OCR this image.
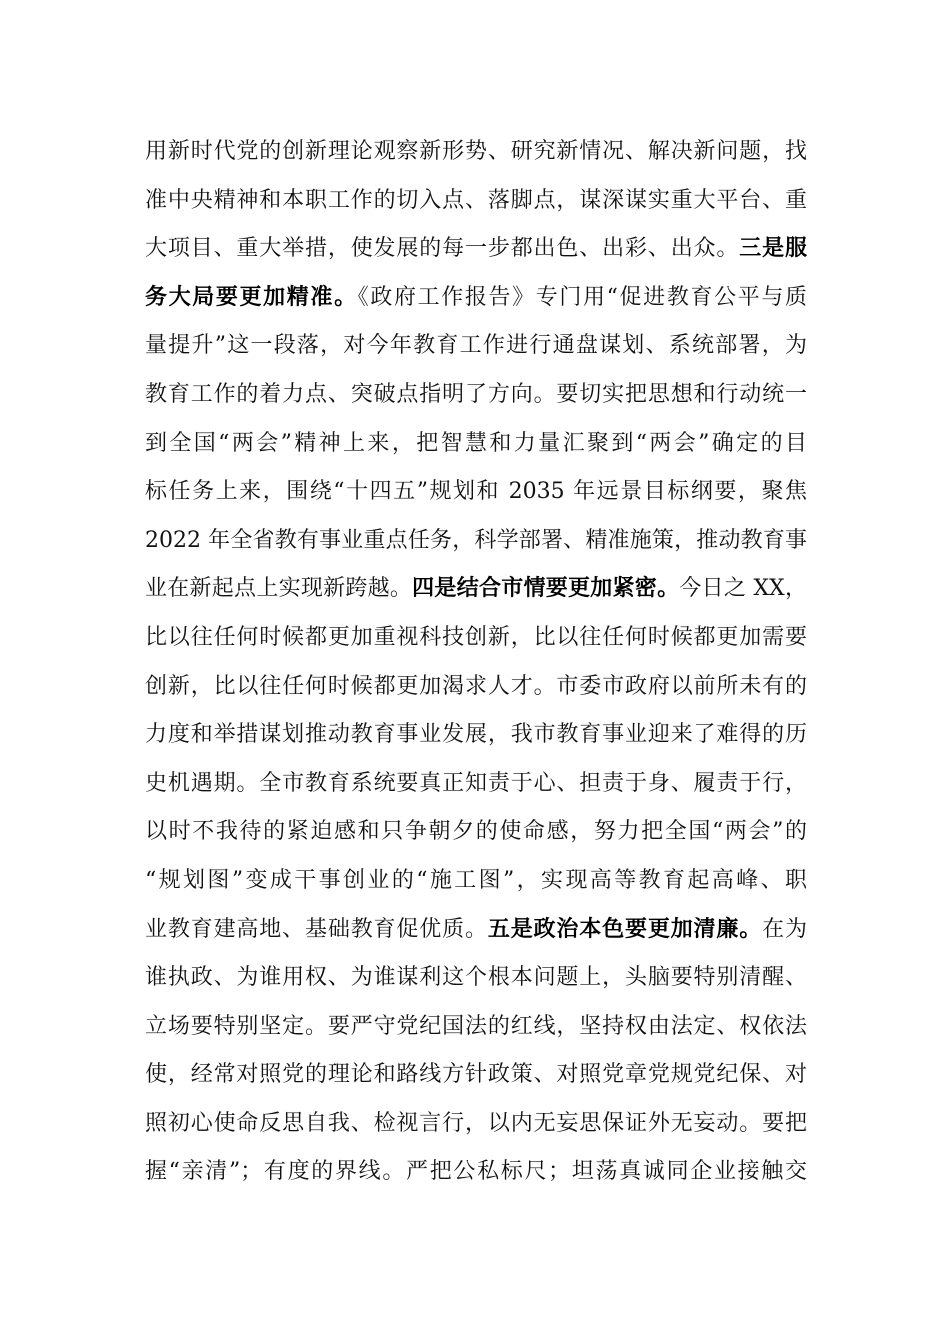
用新时代党的创新理论观察新形势、研究新情况、解决新问题，找
准中央精神和本职工作的切入点、落脚点，谋深谋实重大平台、重
大项目、重大举措，使发展的每一步都出色、出彩、出众。三是服
务大局要更加精准。《政府工作报告》专门用“促进教育公平与质
量提升”这一段落，对今年教育工作进行通盘谋划、系统部署，为
教育工作的着力点、突破点指明了方向。要切实把思想和行动统一
到全国“两会”精神上来，把智慧和力量汇聚到“两会”确定的目
标任务上来，围绕“十四五”规划和 2035 年远景目标纲要，聚焦
2022 年全省教有事业重点任务，科学部署、精准施策，推动教育事
业在新起点上实现新跨越。四是结合市情要更加紧密。今日之 XX，
比以往任何时候都更加重视科技创新，比以往任何时候都更加需要
创新，比以往任何时候都更加渴求人才。市委市政府以前所未有的
力度和举措谋划推动教育事业发展，我市教育事业迎来了难得的历
史机遇期。全市教育系统要真正知责于心、担责于身、履责于行，
以时不我待的紧迫感和只争朝夕的使命感，努力把全国“两会”的
“规划图”变成干事创业的“施工图”，实现高等教育起高峰、职
业教育建高地、基础教育促优质。五是政治本色要更加清廉。在为
谁执政、为谁用权、为谁谋利这个根本问题上，头脑要特别清醒、
立场要特别坚定。要严守党纪国法的红线，坚持权由法定、权依法
使，经常对照党的理论和路线方针政策、对照党章党规党纪保、对
照初心使命反思自我、检视言行，以内无妄思保证外无妄动。要把
握“亲清”；有度的界线。严把公私标尺；坦荡真诚同企业接触交
